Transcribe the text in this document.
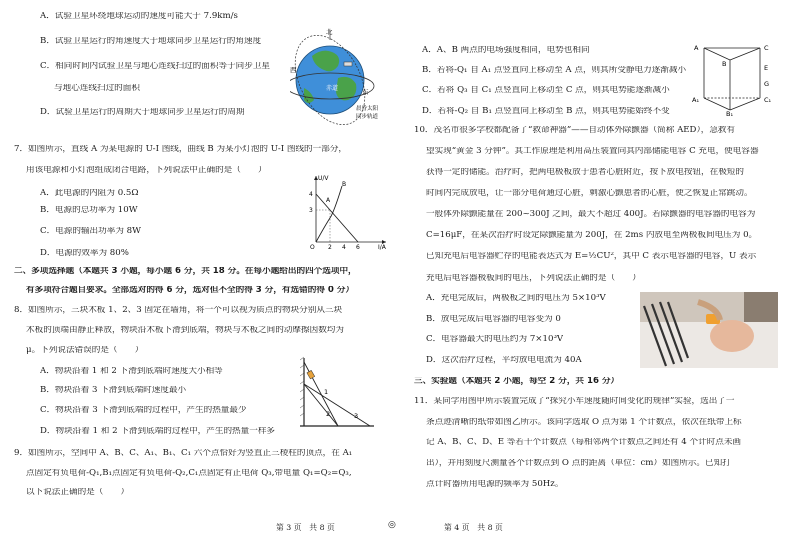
A．试验卫星环绕地球运动的速度可能大于 7.9km/s
B．试验卫星运行的角速度大于地球同步卫星运行的角速度
C．相同时间内试验卫星与地心连线扫过的面积等于同步卫星
与地心连线扫过的面积
D．试验卫星运行的周期大于地球同步卫星运行的周期
北
西
东
赤道
晨昏太阳
同步轨道
7．如图所示，直线 A 为某电源的 U-I 图线，曲线 B 为某小灯泡的 U-I 图线的一部分，
用该电源和小灯泡组成闭合电路，下列说法中正确的是（　　）
A．此电源的内阻为 0.5Ω
B．电源的总功率为 10W
C．电源的输出功率为 8W
D．电源的效率为 80%
U/V
I/A
O
A
B
4
3
2 4 6
二、多项选择题（本题共 3 小题，每小题 6 分，共 18 分。在每小题给出的四个选项中，
有多项符合题目要求。全部选对的得 6 分，选对但不全的得 3 分，有选错的得 0 分）
8．如图所示，三块木板 1、2、3 固定在墙角，将一个可以视为质点的物块分别从三块
木板的顶端由静止释放，物块沿木板下滑到底端，物块与木板之间的动摩擦因数均为
μ。下列说法错误的是（　　）
A．物块沿着 1 和 2 下滑到底端时速度大小相等
B．物块沿着 3 下滑到底端时速度最小
C．物块沿着 3 下滑到底端的过程中，产生的热量最少
D．物块沿着 1 和 2 下滑到底端的过程中，产生的热量一样多
1
2	3
9．如图所示，空间中 A、B、C、A₁、B₁、C₁ 六个点恰好为竖直正三棱柱的顶点，在 A₁
点固定有负电荷-Q₁,B₁点固定有负电荷-Q₂,C₁点固定有正电荷 Q₃,带电量 Q₁=Q₂=Q₃,
以下说法正确的是（　　）
A．A、B 两点的电场强度相同，电势也相同
B．若将-Q₁ 自 A₁ 点竖直向上移动至 A 点，则其所受静电力逐渐减小
C．若将 Q₃ 自 C₁ 点竖直向上移动至 C 点，则其电势能逐渐减小
D．若将-Q₂ 自 B₁ 点竖直向上移动至 B 点，则其电势能始终不变
A
B
C
A₁
B₁
C₁
E
G
10．茂名市很多学校都配备了“救命神器”——自动体外除颤器（简称 AED），急救有
望实现“黄金 3 分钟”。其工作原理是利用高压装置向其内部储能电容 C 充电，使电容器
获得一定的储能。治疗时，把两电极板放于患者心脏附近，按下放电按钮，在极短的
时间内完成放电，让一部分电荷通过心脏，刺激心颤患者的心脏，使之恢复正常跳动。
一般体外除颤能量在 200~300J 之间，最大不超过 400J。若除颤器的电容器的电容为
C=16μF，在某次治疗时设定除颤能量为 200J，在 2ms 内放电至两极板间电压为 0。
已知充电后电容器贮存的电能表达式为 E=½CU²，其中 C 表示电容器的电容，U 表示
充电后电容器极板间的电压，下列说法正确的是（　　）
A．充电完成后，两极板之间的电压为 5×10³V
B．放电完成后电容器的电容变为 0
C．电容器最大的电压约为 7×10³V
D．这次治疗过程，平均放电电流为 40A
三、实验题（本题共 2 小题，每空 2 分，共 16 分）
11．某同学用图甲所示装置完成了“探究小车速度随时间变化的规律”实验，选出了一
条点迹清晰的纸带如图乙所示。该同学选取 O 点为第 1 个计数点，依次在纸带上标
记 A、B、C、D、E 等若干个计数点（每相邻两个计数点之间还有 4 个计时点未画
出），并用刻度尺测量各个计数点到 O 点的距离（单位：cm）如图所示。已知打
点计时器所用电源的频率为 50Hz。
第 3 页　共 8 页	◎	第 4 页　共 8 页
